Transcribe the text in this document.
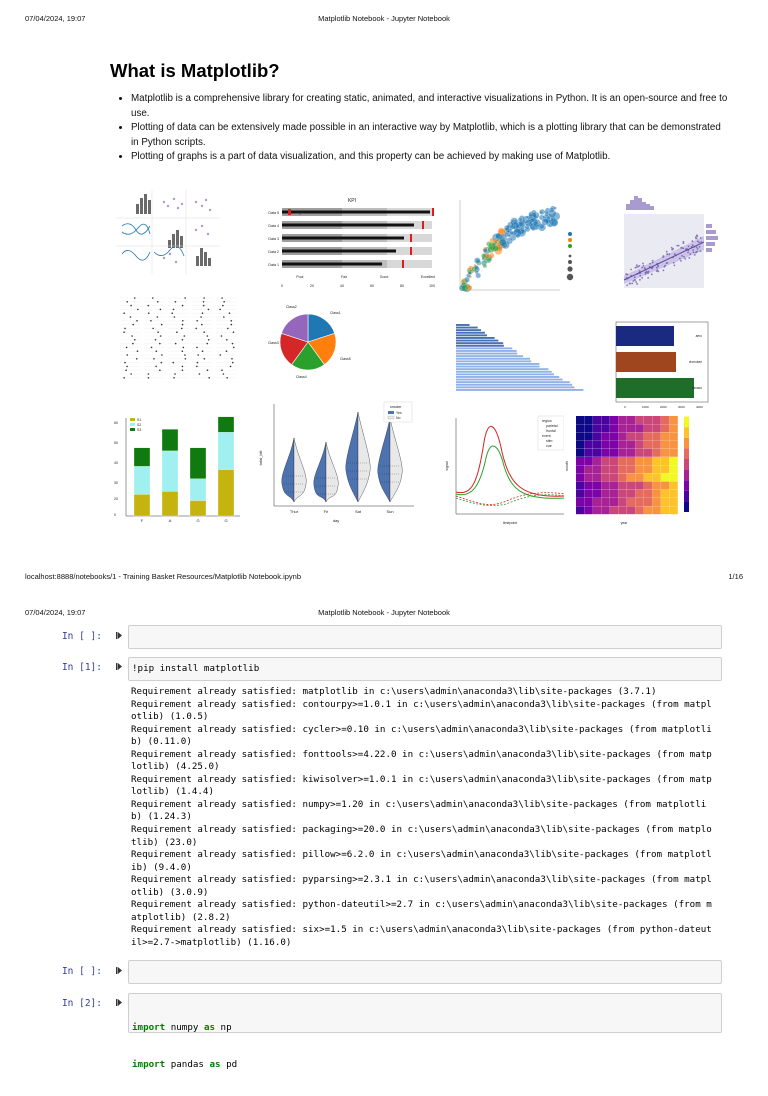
07/04/2024, 19:07	Matplotlib Notebook - Jupyter Notebook
What is Matplotlib?
• Matplotlib is a comprehensive library for creating static, animated, and interactive visualizations in Python. It is an open-source and free to use.
• Plotting of data can be extensively made possible in an interactive way by Matplotlib, which is a plotting library that can be demonstrated in Python scripts.
• Plotting of graphs is a part of data visualization, and this property can be achieved by making use of Matplotlib.
KPI
Data 5
Data 4
Data 3
Data 2
Data 1
Target
Poor	Fair	Good	Excellent
0	20	40	60	80	100
Class1
Class2
Class3
Class4
Class5
aero
cherokee
fanaco
0	1000	2000	3000	4000
F	A	G	G
60
50
40
30
20
0
S1
S2
S3
Thur	Fri	Sat	Sun
day
total_bill
smoker
Yes
No
region
parietal
frontal
event
stim
cue
timepoint
signal
year
month
localhost:8888/notebooks/1 - Training Basket Resources/Matplotlib Notebook.ipynb	1/16
07/04/2024, 19:07	Matplotlib Notebook - Jupyter Notebook
In [ ]:
In [1]:	!pip install matplotlib
Requirement already satisfied: matplotlib in c:\users\admin\anaconda3\lib\site-packages (3.7.1)
Requirement already satisfied: contourpy>=1.0.1 in c:\users\admin\anaconda3\lib\site-packages (from matpl
otlib) (1.0.5)
Requirement already satisfied: cycler>=0.10 in c:\users\admin\anaconda3\lib\site-packages (from matplotli
b) (0.11.0)
Requirement already satisfied: fonttools>=4.22.0 in c:\users\admin\anaconda3\lib\site-packages (from matp
lotlib) (4.25.0)
Requirement already satisfied: kiwisolver>=1.0.1 in c:\users\admin\anaconda3\lib\site-packages (from matp
lotlib) (1.4.4)
Requirement already satisfied: numpy>=1.20 in c:\users\admin\anaconda3\lib\site-packages (from matplotli
b) (1.24.3)
Requirement already satisfied: packaging>=20.0 in c:\users\admin\anaconda3\lib\site-packages (from matplo
tlib) (23.0)
Requirement already satisfied: pillow>=6.2.0 in c:\users\admin\anaconda3\lib\site-packages (from matplotl
ib) (9.4.0)
Requirement already satisfied: pyparsing>=2.3.1 in c:\users\admin\anaconda3\lib\site-packages (from matpl
otlib) (3.0.9)
Requirement already satisfied: python-dateutil>=2.7 in c:\users\admin\anaconda3\lib\site-packages (from m
atplotlib) (2.8.2)
Requirement already satisfied: six>=1.5 in c:\users\admin\anaconda3\lib\site-packages (from python-dateut
il>=2.7->matplotlib) (1.16.0)
In [ ]:
In [2]:

import numpy as np

import pandas as pd
